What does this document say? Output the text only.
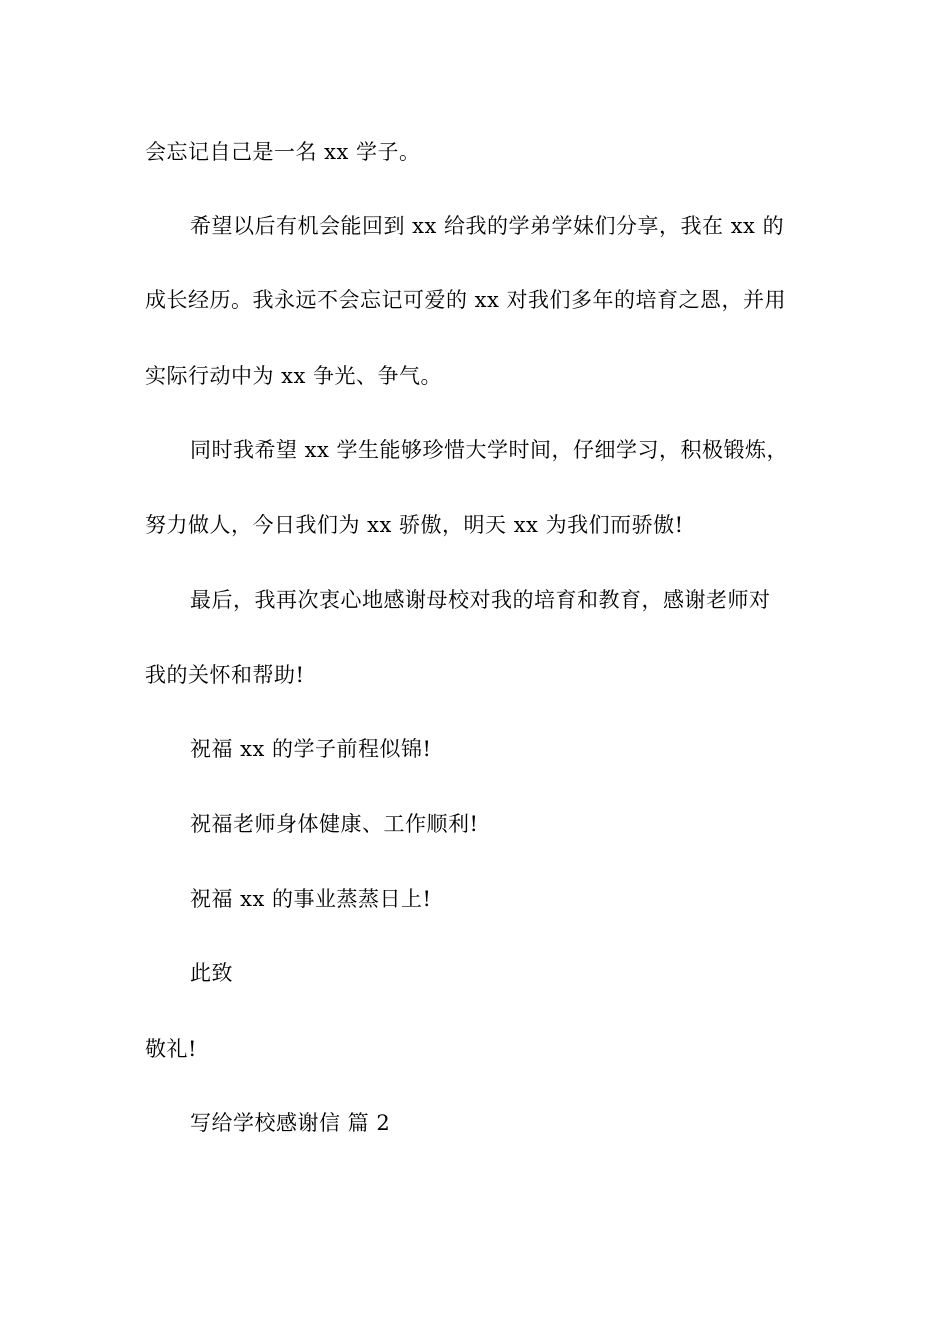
会忘记自己是一名 xx 学子。
希望以后有机会能回到 xx 给我的学弟学妹们分享，我在 xx 的
成长经历。我永远不会忘记可爱的 xx 对我们多年的培育之恩，并用
实际行动中为 xx 争光、争气。
同时我希望 xx 学生能够珍惜大学时间，仔细学习，积极锻炼，
努力做人，今日我们为 xx 骄傲，明天 xx 为我们而骄傲!
最后，我再次衷心地感谢母校对我的培育和教育，感谢老师对
我的关怀和帮助!
祝福 xx 的学子前程似锦!
祝福老师身体健康、工作顺利!
祝福 xx 的事业蒸蒸日上!
此致
敬礼!
写给学校感谢信 篇 2
